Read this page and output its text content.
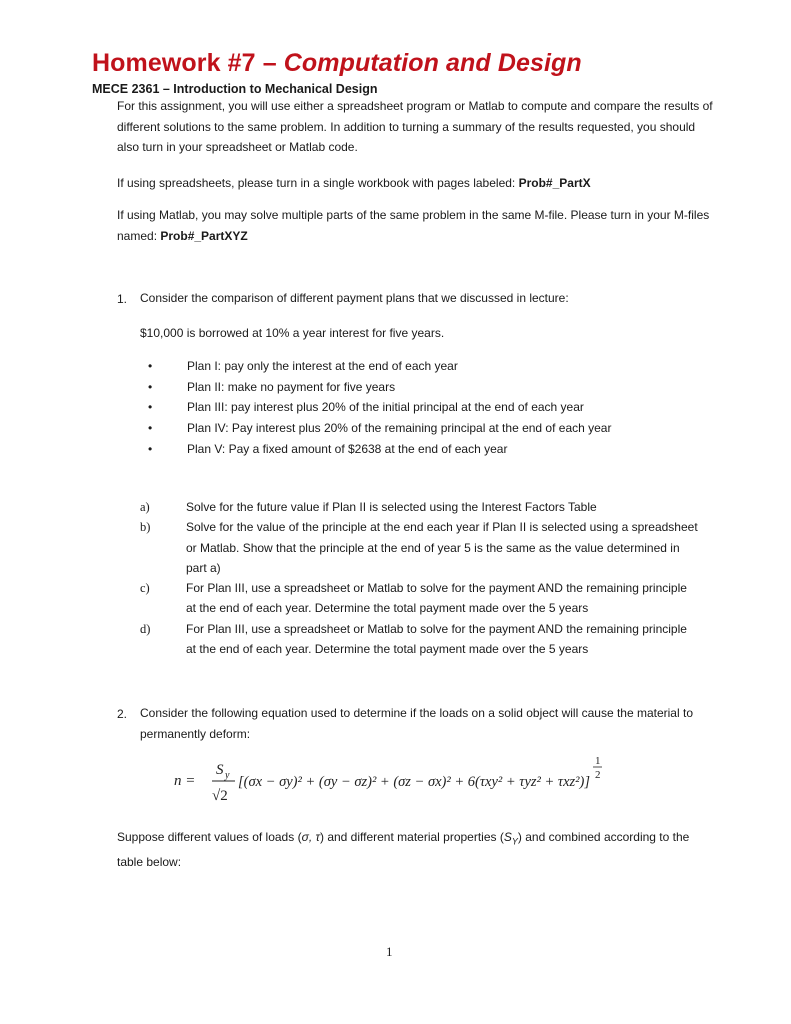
Homework #7 – Computation and Design
MECE 2361 – Introduction to Mechanical Design
For this assignment, you will use either a spreadsheet program or Matlab to compute and compare the results of different solutions to the same problem. In addition to turning a summary of the results requested, you should also turn in your spreadsheet or Matlab code.
If using spreadsheets, please turn in a single workbook with pages labeled: Prob#_PartX
If using Matlab, you may solve multiple parts of the same problem in the same M-file. Please turn in your M-files named: Prob#_PartXYZ
1. Consider the comparison of different payment plans that we discussed in lecture:
$10,000 is borrowed at 10% a year interest for five years.
•	Plan I: pay only the interest at the end of each year
•	Plan II: make no payment for five years
•	Plan III: pay interest plus 20% of the initial principal at the end of each year
•	Plan IV: Pay interest plus 20% of the remaining principal at the end of each year
•	Plan V: Pay a fixed amount of $2638 at the end of each year
a)	Solve for the future value if Plan II is selected using the Interest Factors Table
b)	Solve for the value of the principle at the end each year if Plan II is selected using a spreadsheet or Matlab. Show that the principle at the end of year 5 is the same as the value determined in part a)
c)	For Plan III, use a spreadsheet or Matlab to solve for the payment AND the remaining principle at the end of each year. Determine the total payment made over the 5 years
d)	For Plan III, use a spreadsheet or Matlab to solve for the payment AND the remaining principle at the end of each year. Determine the total payment made over the 5 years
2. Consider the following equation used to determine if the loads on a solid object will cause the material to permanently deform:
n =
S y
√2
[(σx − σy)² + (σy − σz)² + (σz − σx)² + 6(τxy² + τyz² + τxz²)]
1
2
Suppose different values of loads (σ, τ) and different material properties $(S_Y)$ and combined according to the table below:
1
